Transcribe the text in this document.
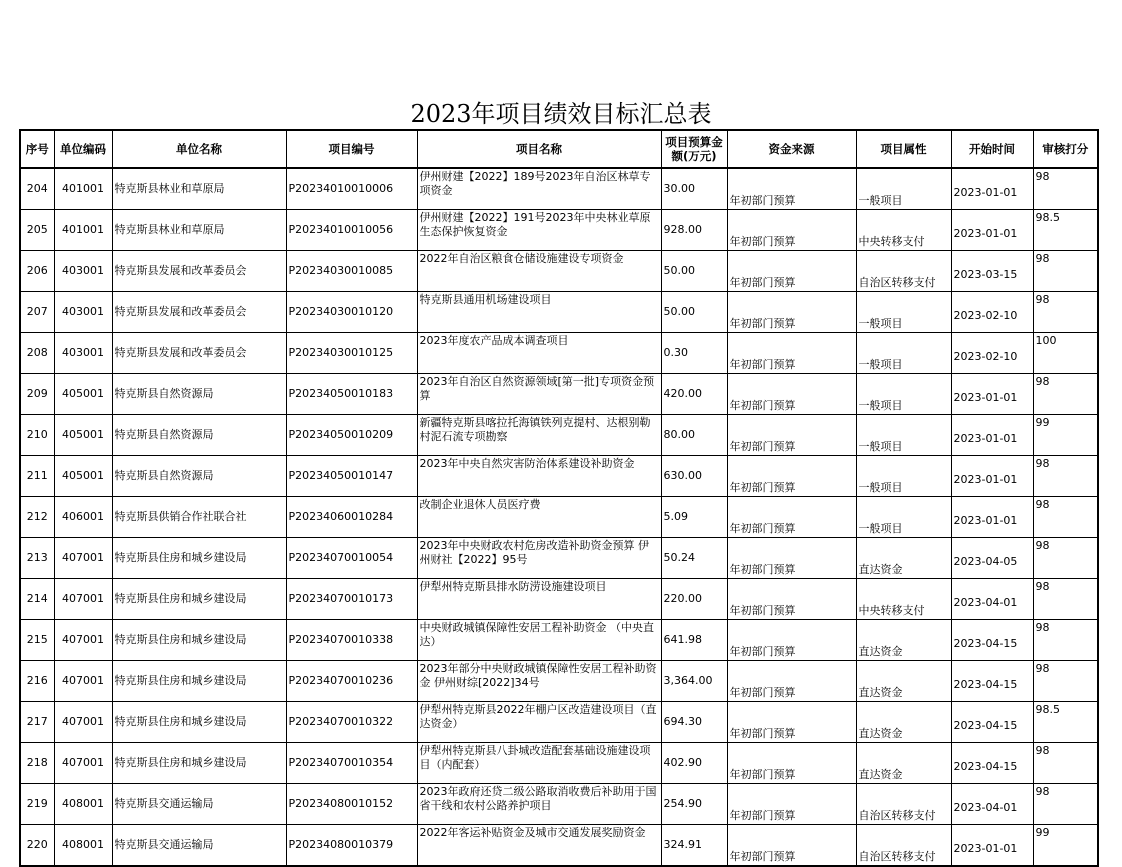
2023年项目绩效目标汇总表
序号	单位编码	单位名称	项目编号	项目名称	项目预算金额(万元)	资金来源	项目属性	开始时间	审核打分
204	401001	特克斯县林业和草原局	P20234010010006	伊州财建【2022】189号2023年自治区林草专项资金	30.00	年初部门预算	一般项目	2023-01-01	98
205	401001	特克斯县林业和草原局	P20234010010056	伊州财建【2022】191号2023年中央林业草原生态保护恢复资金	928.00	年初部门预算	中央转移支付	2023-01-01	98.5
206	403001	特克斯县发展和改革委员会	P20234030010085	2022年自治区粮食仓储设施建设专项资金	50.00	年初部门预算	自治区转移支付	2023-03-15	98
207	403001	特克斯县发展和改革委员会	P20234030010120	特克斯县通用机场建设项目	50.00	年初部门预算	一般项目	2023-02-10	98
208	403001	特克斯县发展和改革委员会	P20234030010125	2023年度农产品成本调查项目	0.30	年初部门预算	一般项目	2023-02-10	100
209	405001	特克斯县自然资源局	P20234050010183	2023年自治区自然资源领域[第一批]专项资金预算	420.00	年初部门预算	一般项目	2023-01-01	98
210	405001	特克斯县自然资源局	P20234050010209	新疆特克斯县喀拉托海镇铁列克提村、达根别勒村泥石流专项勘察	80.00	年初部门预算	一般项目	2023-01-01	99
211	405001	特克斯县自然资源局	P20234050010147	2023年中央自然灾害防治体系建设补助资金	630.00	年初部门预算	一般项目	2023-01-01	98
212	406001	特克斯县供销合作社联合社	P20234060010284	改制企业退休人员医疗费	5.09	年初部门预算	一般项目	2023-01-01	98
213	407001	特克斯县住房和城乡建设局	P20234070010054	2023年中央财政农村危房改造补助资金预算 伊州财社【2022】95号	50.24	年初部门预算	直达资金	2023-04-05	98
214	407001	特克斯县住房和城乡建设局	P20234070010173	伊犁州特克斯县排水防涝设施建设项目	220.00	年初部门预算	中央转移支付	2023-04-01	98
215	407001	特克斯县住房和城乡建设局	P20234070010338	中央财政城镇保障性安居工程补助资金 （中央直达）	641.98	年初部门预算	直达资金	2023-04-15	98
216	407001	特克斯县住房和城乡建设局	P20234070010236	2023年部分中央财政城镇保障性安居工程补助资金 伊州财综[2022]34号	3,364.00	年初部门预算	直达资金	2023-04-15	98
217	407001	特克斯县住房和城乡建设局	P20234070010322	伊犁州特克斯县2022年棚户区改造建设项目（直达资金）	694.30	年初部门预算	直达资金	2023-04-15	98.5
218	407001	特克斯县住房和城乡建设局	P20234070010354	伊犁州特克斯县八卦城改造配套基础设施建设项目（内配套）	402.90	年初部门预算	直达资金	2023-04-15	98
219	408001	特克斯县交通运输局	P20234080010152	2023年政府还贷二级公路取消收费后补助用于国省干线和农村公路养护项目	254.90	年初部门预算	自治区转移支付	2023-04-01	98
220	408001	特克斯县交通运输局	P20234080010379	2022年客运补贴资金及城市交通发展奖励资金	324.91	年初部门预算	自治区转移支付	2023-01-01	99
